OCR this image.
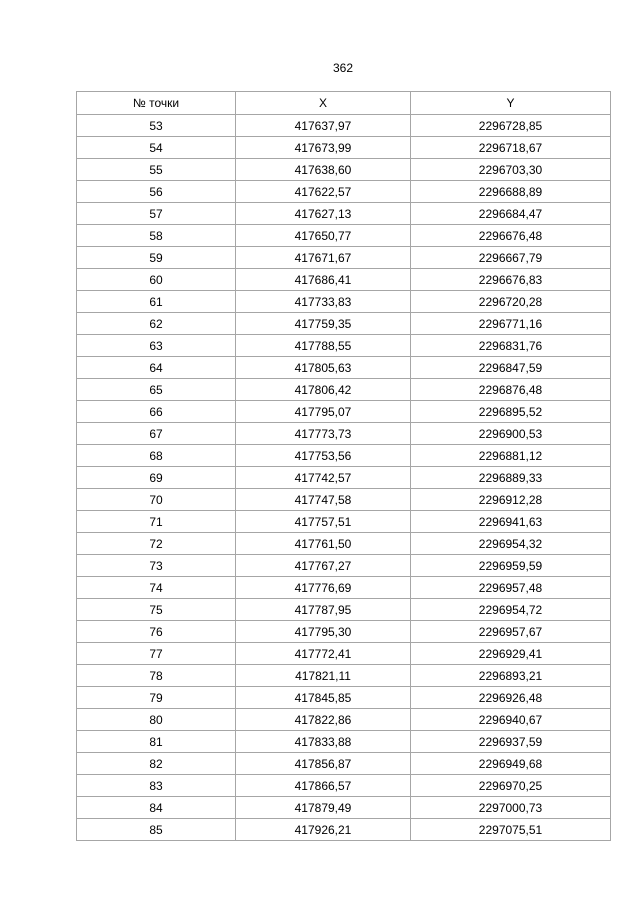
362
№ точки	X	Y
53	417637,97	2296728,85
54	417673,99	2296718,67
55	417638,60	2296703,30
56	417622,57	2296688,89
57	417627,13	2296684,47
58	417650,77	2296676,48
59	417671,67	2296667,79
60	417686,41	2296676,83
61	417733,83	2296720,28
62	417759,35	2296771,16
63	417788,55	2296831,76
64	417805,63	2296847,59
65	417806,42	2296876,48
66	417795,07	2296895,52
67	417773,73	2296900,53
68	417753,56	2296881,12
69	417742,57	2296889,33
70	417747,58	2296912,28
71	417757,51	2296941,63
72	417761,50	2296954,32
73	417767,27	2296959,59
74	417776,69	2296957,48
75	417787,95	2296954,72
76	417795,30	2296957,67
77	417772,41	2296929,41
78	417821,11	2296893,21
79	417845,85	2296926,48
80	417822,86	2296940,67
81	417833,88	2296937,59
82	417856,87	2296949,68
83	417866,57	2296970,25
84	417879,49	2297000,73
85	417926,21	2297075,51
